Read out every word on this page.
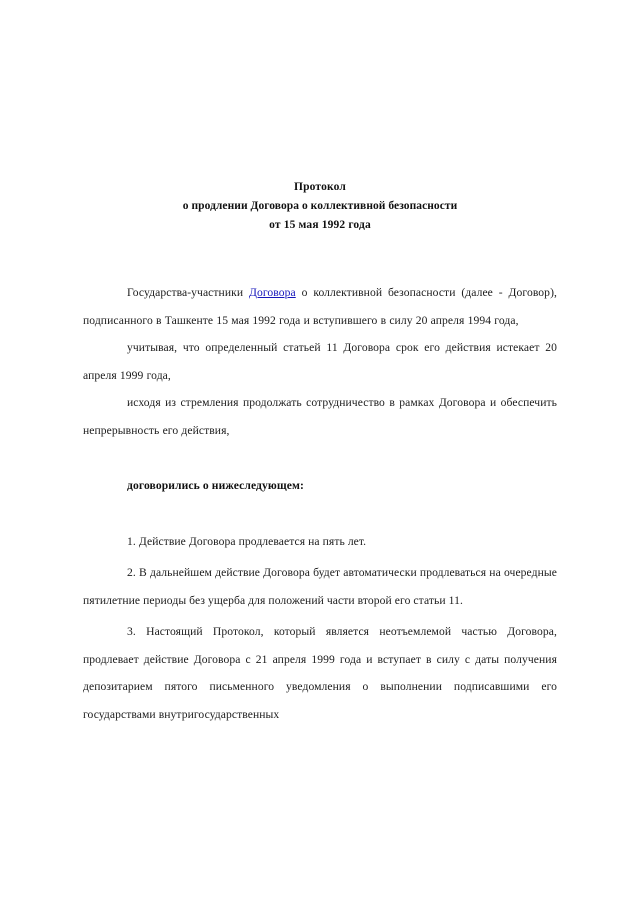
Протокол
о продлении Договора о коллективной безопасности
от 15 мая 1992 года

Государства-участники Договора о коллективной безопасности (далее - Договор), подписанного в Ташкенте 15 мая 1992 года и вступившего в силу 20 апреля 1994 года,

учитывая, что определенный статьей 11 Договора срок его действия истекает 20 апреля 1999 года,

исходя из стремления продолжать сотрудничество в рамках Договора и обеспечить непрерывность его действия,

договорились о нижеследующем:

1. Действие Договора продлевается на пять лет.

2. В дальнейшем действие Договора будет автоматически продлеваться на очередные пятилетние периоды без ущерба для положений части второй его статьи 11.

3. Настоящий Протокол, который является неотъемлемой частью Договора, продлевает действие Договора с 21 апреля 1999 года и вступает в силу с даты получения депозитарием пятого письменного уведомления о выполнении подписавшими его государствами внутригосударственных
